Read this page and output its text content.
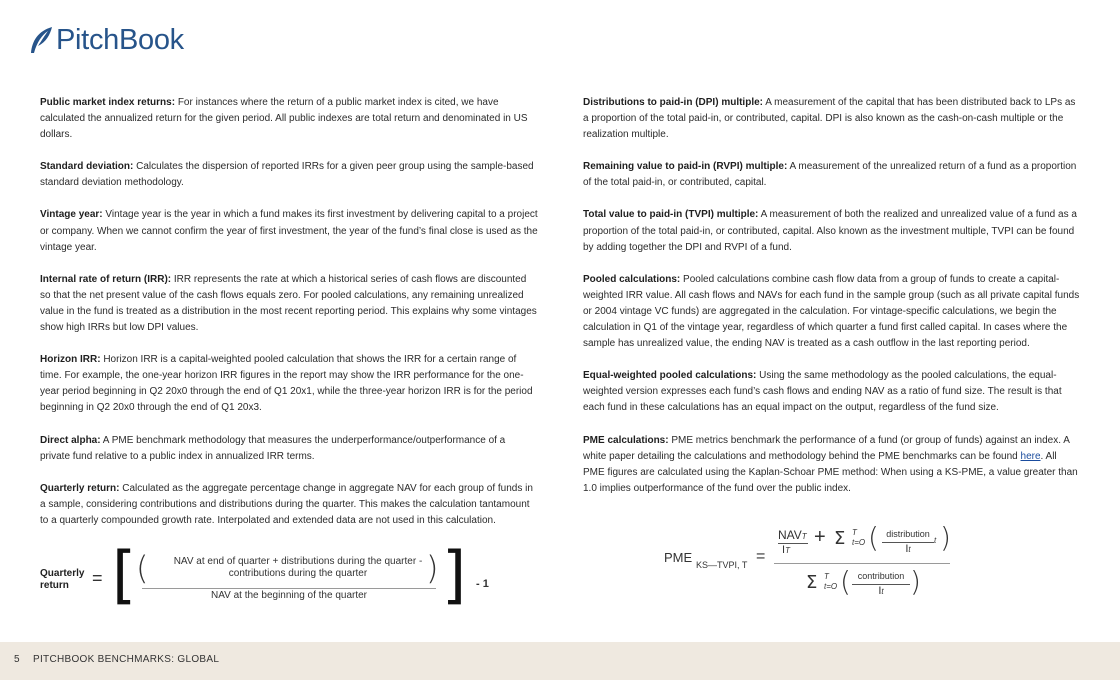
PitchBook

Public market index returns: For instances where the return of a public market index is cited, we have calculated the annualized return for the given period. All public indexes are total return and denominated in US dollars.

Standard deviation: Calculates the dispersion of reported IRRs for a given peer group using the sample-based standard deviation methodology.

Vintage year: Vintage year is the year in which a fund makes its first investment by delivering capital to a project or company. When we cannot confirm the year of first investment, the year of the fund’s final close is used as the vintage year.

Internal rate of return (IRR): IRR represents the rate at which a historical series of cash flows are discounted so that the net present value of the cash flows equals zero. For pooled calculations, any remaining unrealized value in the fund is treated as a distribution in the most recent reporting period. This explains why some vintages show high IRRs but low DPI values.

Horizon IRR: Horizon IRR is a capital-weighted pooled calculation that shows the IRR for a certain range of time. For example, the one-year horizon IRR figures in the report may show the IRR performance for the one-year period beginning in Q2 20x0 through the end of Q1 20x1, while the three-year horizon IRR is for the period beginning in Q2 20x0 through the end of Q1 20x3.

Direct alpha: A PME benchmark methodology that measures the underperformance/outperformance of a private fund relative to a public index in annualized IRR terms.

Quarterly return: Calculated as the aggregate percentage change in aggregate NAV for each group of funds in a sample, considering contributions and distributions during the quarter. This makes the calculation tantamount to a quarterly compounded growth rate. Interpolated and extended data are not used in this calculation.

Distributions to paid-in (DPI) multiple: A measurement of the capital that has been distributed back to LPs as a proportion of the total paid-in, or contributed, capital. DPI is also known as the cash-on-cash multiple or the realization multiple.

Remaining value to paid-in (RVPI) multiple: A measurement of the unrealized return of a fund as a proportion of the total paid-in, or contributed, capital.

Total value to paid-in (TVPI) multiple: A measurement of both the realized and unrealized value of a fund as a proportion of the total paid-in, or contributed, capital. Also known as the investment multiple, TVPI can be found by adding together the DPI and RVPI of a fund.

Pooled calculations: Pooled calculations combine cash flow data from a group of funds to create a capital-weighted IRR value. All cash flows and NAVs for each fund in the sample group (such as all private capital funds or 2004 vintage VC funds) are aggregated in the calculation. For vintage-specific calculations, we begin the calculation in Q1 of the vintage year, regardless of which quarter a fund first called capital. In cases where the sample has unrealized value, the ending NAV is treated as a cash outflow in the last reporting period.

Equal-weighted pooled calculations: Using the same methodology as the pooled calculations, the equal-weighted version expresses each fund’s cash flows and ending NAV as a ratio of fund size. The result is that each fund in these calculations has an equal impact on the output, regardless of the fund size.

PME calculations: PME metrics benchmark the performance of a fund (or group of funds) against an index. A white paper detailing the calculations and methodology behind the PME benchmarks can be found here. All PME figures are calculated using the Kaplan-Schoar PME method: When using a KS-PME, a value greater than 1.0 implies outperformance of the fund over the public index.

Quarterly return	= [ (	NAV at end of quarter + distributions during the quarter - contributions during the quarter	)
NAV at the beginning of the quarter	] - 1
PME KS—TVPI, T =
NAVT
IT
+ Σ T
t=O ( distribution
It
t )
Σ T
t=O ( contribution
It )
5 PITCHBOOK BENCHMARKS: GLOBAL
